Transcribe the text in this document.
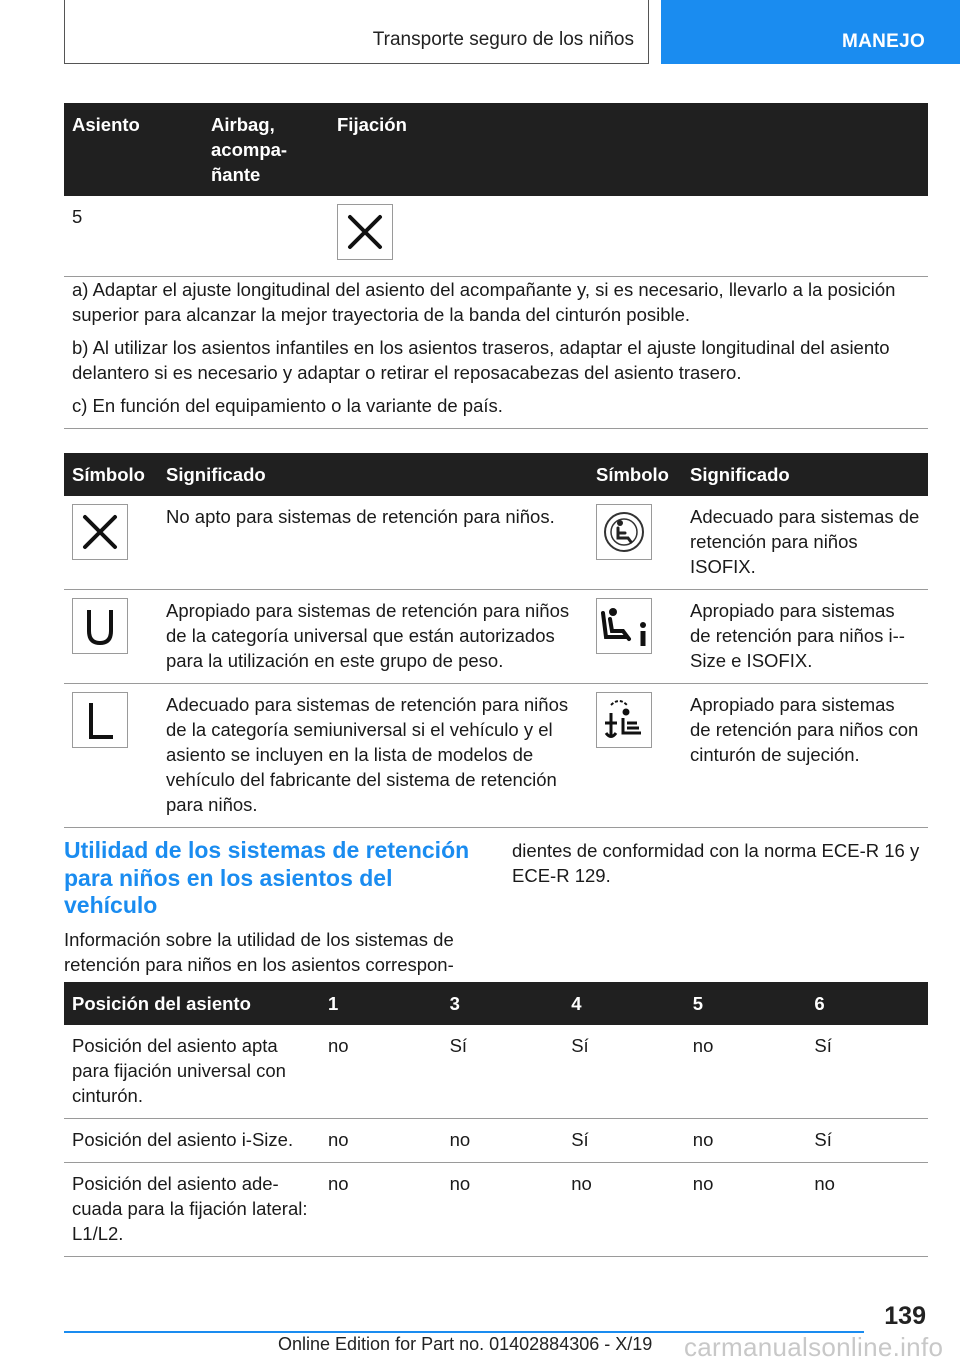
Transporte seguro de los niños	MANEJO
Asiento	Airbag, acompa-ñante	Fijación
5		

a) Adaptar el ajuste longitudinal del asiento del acompañante y, si es necesario, llevarlo a la posición superior para alcanzar la mejor trayectoria de la banda del cinturón posible.

b) Al utilizar los asientos infantiles en los asientos traseros, adaptar el ajuste longitudinal del asiento delantero si es necesario y adaptar o retirar el reposacabezas del asiento trasero.

c) En función del equipamiento o la variante de país.

Símbolo	Significado	Símbolo	Significado

	No apto para sistemas de retención para niños.		Adecuado para sistemas de retención para niños ISOFIX.

	Apropiado para sistemas de retención para niños de la categoría universal que están autorizados para la utilización en este grupo de peso.		Apropiado para sistemas de retención para niños i--Size e ISOFIX.

	Adecuado para sistemas de retención para niños de la categoría semiuniversal si el vehículo y el asiento se incluyen en la lista de modelos de vehículo del fabricante del sistema de retención para niños.		Apropiado para sistemas de retención para niños con cinturón de sujeción.
Utilidad de los sistemas de retención para niños en los asientos del vehículo

Información sobre la utilidad de los sistemas de retención para niños en los asientos correspon-

dientes de conformidad con la norma ECE-R 16 y ECE-R 129.

Posición del asiento	1	3	4	5	6

Posición del asiento apta para fijación universal con cinturón.	no	Sí	Sí	no	Sí
Posición del asiento i-Size.	no	no	Sí	no	Sí

Posición del asiento ade-cuada para la fijación lateral: L1/L2.	no	no	no	no	no
139
Online Edition for Part no. 01402884306 - X/19 carmanualsonline.info
